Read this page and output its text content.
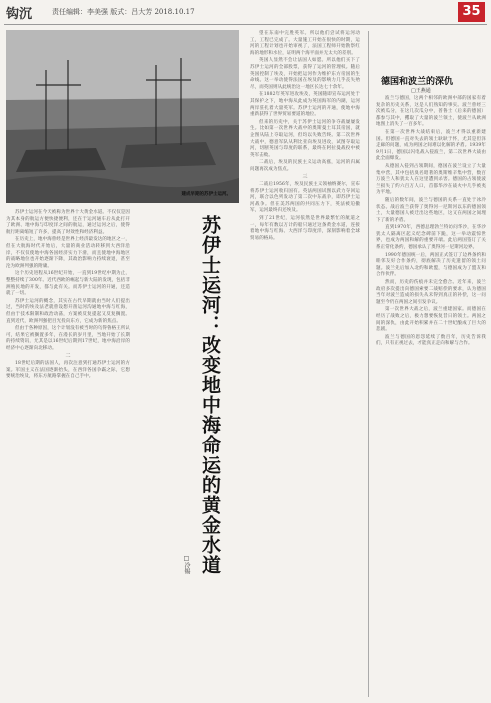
钩沉	责任编辑：李美强 版式：吕大芳 2018.10.17	35
建成早期的苏伊士运河。

苏伊士运河在今天被称为世界十大黄金水道。不仅仅是因为其本身的航运方便快捷便利，还在于运河通车后从此打开了欧洲、地中海与印度洋之间的航运，通过运河之后，使得航行距离缩短了许多，提高了时效性和经济利益。

在历史上，地中海曾经是世界上经济最发达的地区之一，但在大航海时代开始后，大量的商业活动转移到大西洋沿岸，不仅仅使地中海各国经济实力下滑，而且使地中海地区的战略地位也开始逐渐下降，其政治影响力持续衰退，甚至沦为欧洲列强的附庸。

这个历史进程从16世纪开始，一直到19世纪中期为止，整整持续了300年。近代西欧的崛起与新大陆的发现，包括非洲殖民地的开发，都与此有关。而苏伊士运河的开通，还造就了一切。

苏伊士运河的概念，其实在古代早期就由当时人们提出过，当时的埃及法老就曾设想开凿运河沟通地中海与红海，但由于技术限制和政治动荡，方案被反复提起又反复搁置。直到近代，欧洲列强把目光投向东方，它成为新的焦点。

但由于各种原因，这个计划没有被当时的乌得鲁格王所认可，结果它被搁置多年，在漫长的岁月里，当地开始了长期的持续资讯，尤其是以16世纪后期到17世纪，地中海沿岸的经济中心逐渐向北移动。

二

18世纪后期的法国人，再次注意到打通苏伊士运河的方案。军国主义在法国逐渐抬头，在西洋各国争霸之际，它想要统治埃及，将东方航路掌握在自己手中。	苏伊士运河：改变地中海命运的黄金水道
□冷锡

望在东南中完胜英军。所以他们尝试将运河动工，工程已完成了。大量施工开始在很快的时期，运河的工程计划也开始审视了，法国工程师开始勘察红海的地形和水位，证明两个海平面并无太大的差别。

英国人显然不会让法国人如愿。所以他们买下了苏伊士运河的全部股票，获得了运河的管理权。随后英国控制了埃及，开始把运河作为维护东方帝国的生命线。这一举动使得法国在埃及的影响力几乎丧失殆尽，而英国则从此统治这一地区长达七十余年。

在1882年英军进攻埃及，英国随即宣布运河处于其保护之下，地中海从此成为英国海军的内湖，运河两岸驻扎着大量英军。苏伊士运河的开通，使地中海重新获得了世界贸易要道的地位。

但来的历史中，关于苏伊士运河的争夺战屡屡发生。比如第一次世界大战中的奥斯曼土耳其帝国，就企图从陆上夺取运河，但均以失败告终。第二次世界大战中，德意军队从利比亚向埃及进攻，试图夺取运河，切断英国与印度的联系，最终在阿拉曼战役中被英军击败。

二战后，埃及的民族主义运动高涨，运河的归属问题再次成为焦点。

三

二战后1956年，埃及民族主义领袖纳赛尔，宣布将苏伊士运河收归国有。英法两国试图以武力夺回运河，联合以色列发动了第二次中东战争，即苏伊士运河战争。但在美苏两国的共同压力下，英法被迫撤军，运河最终归还埃及。

到了21世纪，运河依然是世界最繁忙的航道之一，每年有数以万计的船只通过这条黄金水道，连接着地中海与红海、大西洋与印度洋，深刻影响着全球贸易的格局。

德国和波兰的深仇
□王燕通

波兰与德国，这两个相邻的欧洲中部的国家有着复杂的历史关系，这是人们熟知的事实。波兰曾经三次被瓜分，在这几次瓜分中，普鲁士（后来的德国）都参与其中，攫取了大量的波兰领土，使波兰从欧洲地图上消失了一百多年。

在第一次世界大战结束后，波兰才得以重新建国。但德国一直对失去的领土耿耿于怀，尤其是但泽走廊的问题，成为两国之间难以化解的矛盾。1939年9月1日，德国以闪电战入侵波兰，第二次世界大战由此全面爆发。

从德国入侵到占领期间，德国在波兰设立了大量集中营，其中包括臭名昭著的奥斯维辛集中营，数百万波兰人和犹太人在这里遭到杀害。德国的占领使波兰损失了约六百万人口，首都华沙在战火中几乎被夷为平地。

随后的数年间，波兰与德国的关系一直处于冰冷状态。战后波兰获得了奥得河一尼斯河以东的德国领土，大量德国人被迁出这些地区，这又在两国之间埋下了新的矛盾。

直到1970年，西德总理勃兰特访问华沙，在华沙犹太人隔离区起义纪念碑前下跪，这一举动震惊世界，也成为两国和解的重要开端。此后两国签订了关系正常化条约，德国承认了奥得河一尼斯河边界。

1990年德国统一后，两国正式签订了边界条约和睦邻友好合作条约，彻底解决了历史遗留的领土问题。波兰先后加入北约和欧盟，与德国成为了盟友和合作伙伴。

然而，历史的伤痕并未完全愈合。近年来，波兰政府多次提出向德国索要二战赔偿的要求，认为德国当年对波兰造成的损失从未得到真正的补偿，这一问题至今仍在两国之间引发争议。

第一次世界大战之后，波兰重建国家。而德国在经历了战败之后，极力想要恢复昔日的领土。两国之间的深仇，由此开始积累并在二十世纪酿成了巨大的悲剧。

波兰与德国的恩怨延续了数百年，历史告诉我们，只有正视过去，才能真正走向和解与合作。
